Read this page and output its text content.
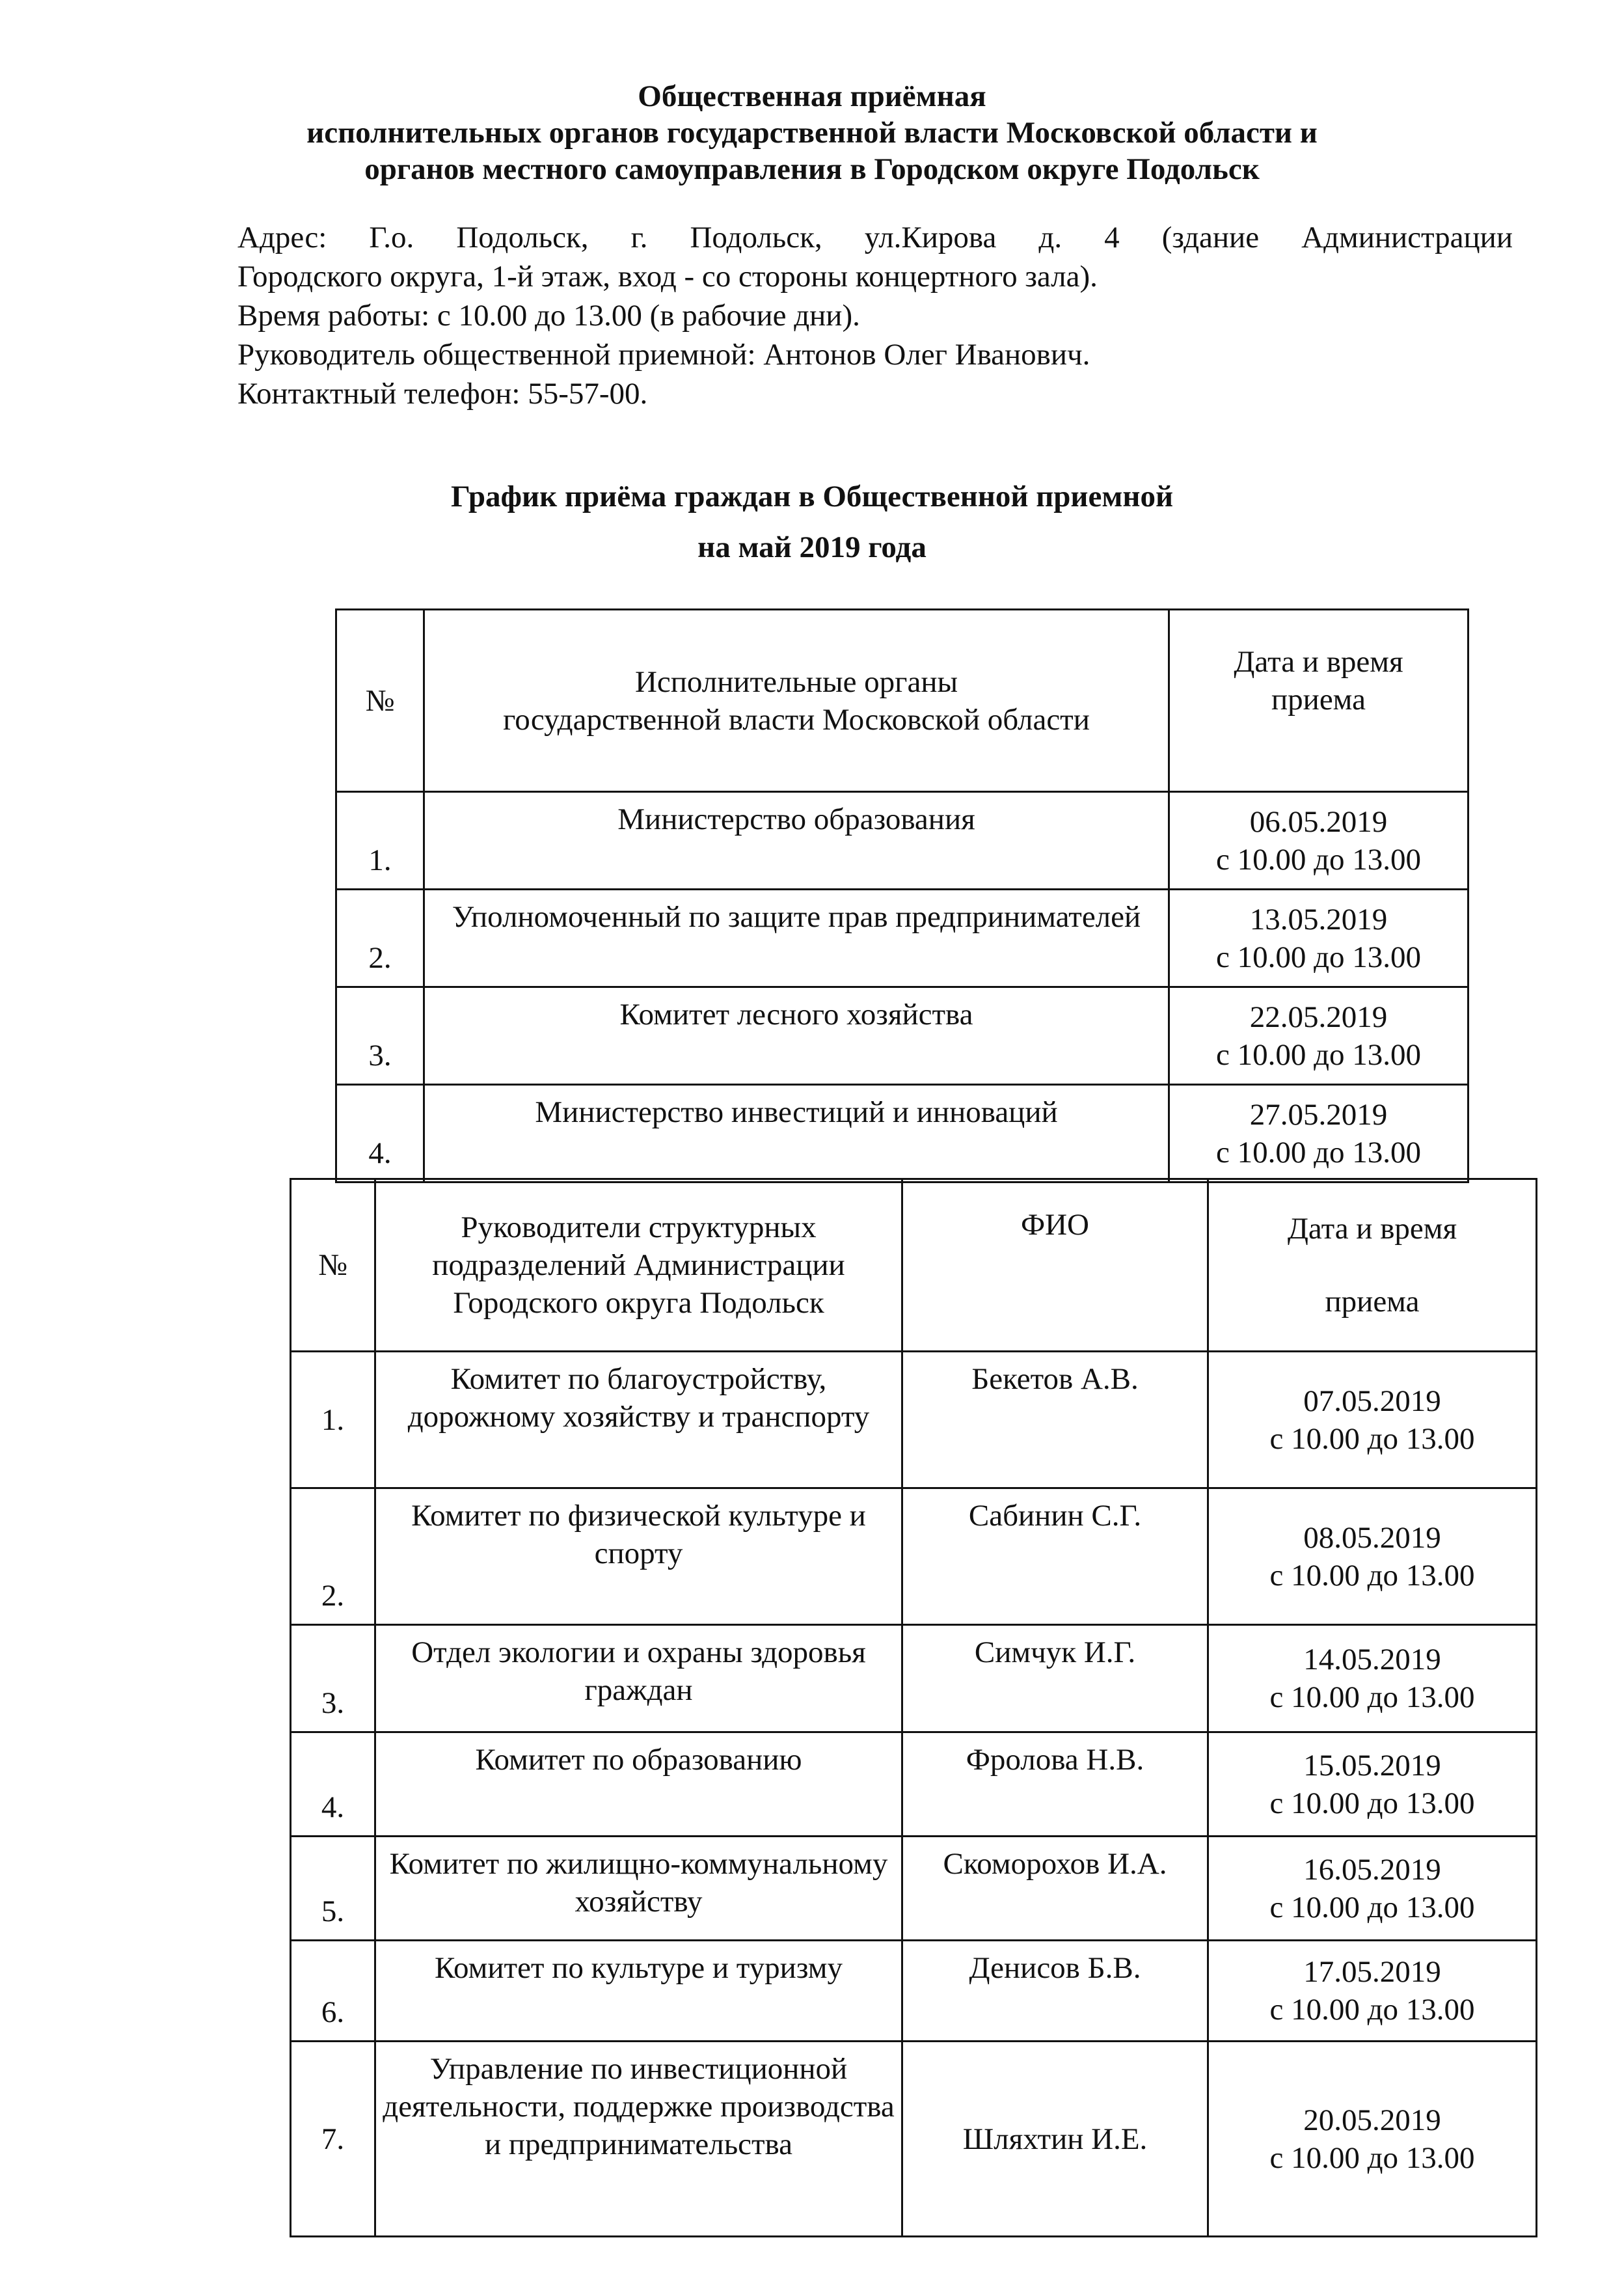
Общественная приёмная
исполнительных органов государственной власти Московской области и
органов местного самоуправления в Городском округе Подольск
Адрес: Г.о. Подольск, г. Подольск, ул.Кирова д. 4 (здание Администрации
Городского округа, 1-й этаж, вход - со стороны концертного зала).
Время работы: с 10.00 до 13.00 (в рабочие дни).
Руководитель общественной приемной: Антонов Олег Иванович.
Контактный телефон: 55-57-00.
График приёма граждан в Общественной приемной
на май 2019 года
№	Исполнительные органы
государственной власти Московской области	Дата и время
приема

1.	Министерство образования	06.05.2019
с 10.00 до 13.00

2.	Уполномоченный по защите прав предпринимателей	13.05.2019
с 10.00 до 13.00

3.	Комитет лесного хозяйства	22.05.2019
с 10.00 до 13.00

4.	Министерство инвестиций и инноваций	27.05.2019
с 10.00 до 13.00
№	Руководители структурных подразделений Администрации Городского округа Подольск	ФИО	Дата и время
приема

1.	Комитет по благоустройству, дорожному хозяйству и транспорту	Бекетов А.В.	07.05.2019
с 10.00 до 13.00

2.	Комитет по физической культуре и спорту	Сабинин С.Г.	08.05.2019
с 10.00 до 13.00

3.	Отдел экологии и охраны здоровья граждан	Симчук И.Г.	14.05.2019
с 10.00 до 13.00

4.	Комитет по образованию	Фролова Н.В.	15.05.2019
с 10.00 до 13.00

5.	Комитет по жилищно-коммунальному хозяйству	Скоморохов И.А.	16.05.2019
с 10.00 до 13.00

6.	Комитет по культуре и туризму	Денисов Б.В.	17.05.2019
с 10.00 до 13.00

7.	Управление по инвестиционной деятельности, поддержке производства и предпринимательства	Шляхтин И.Е.	20.05.2019
с 10.00 до 13.00
